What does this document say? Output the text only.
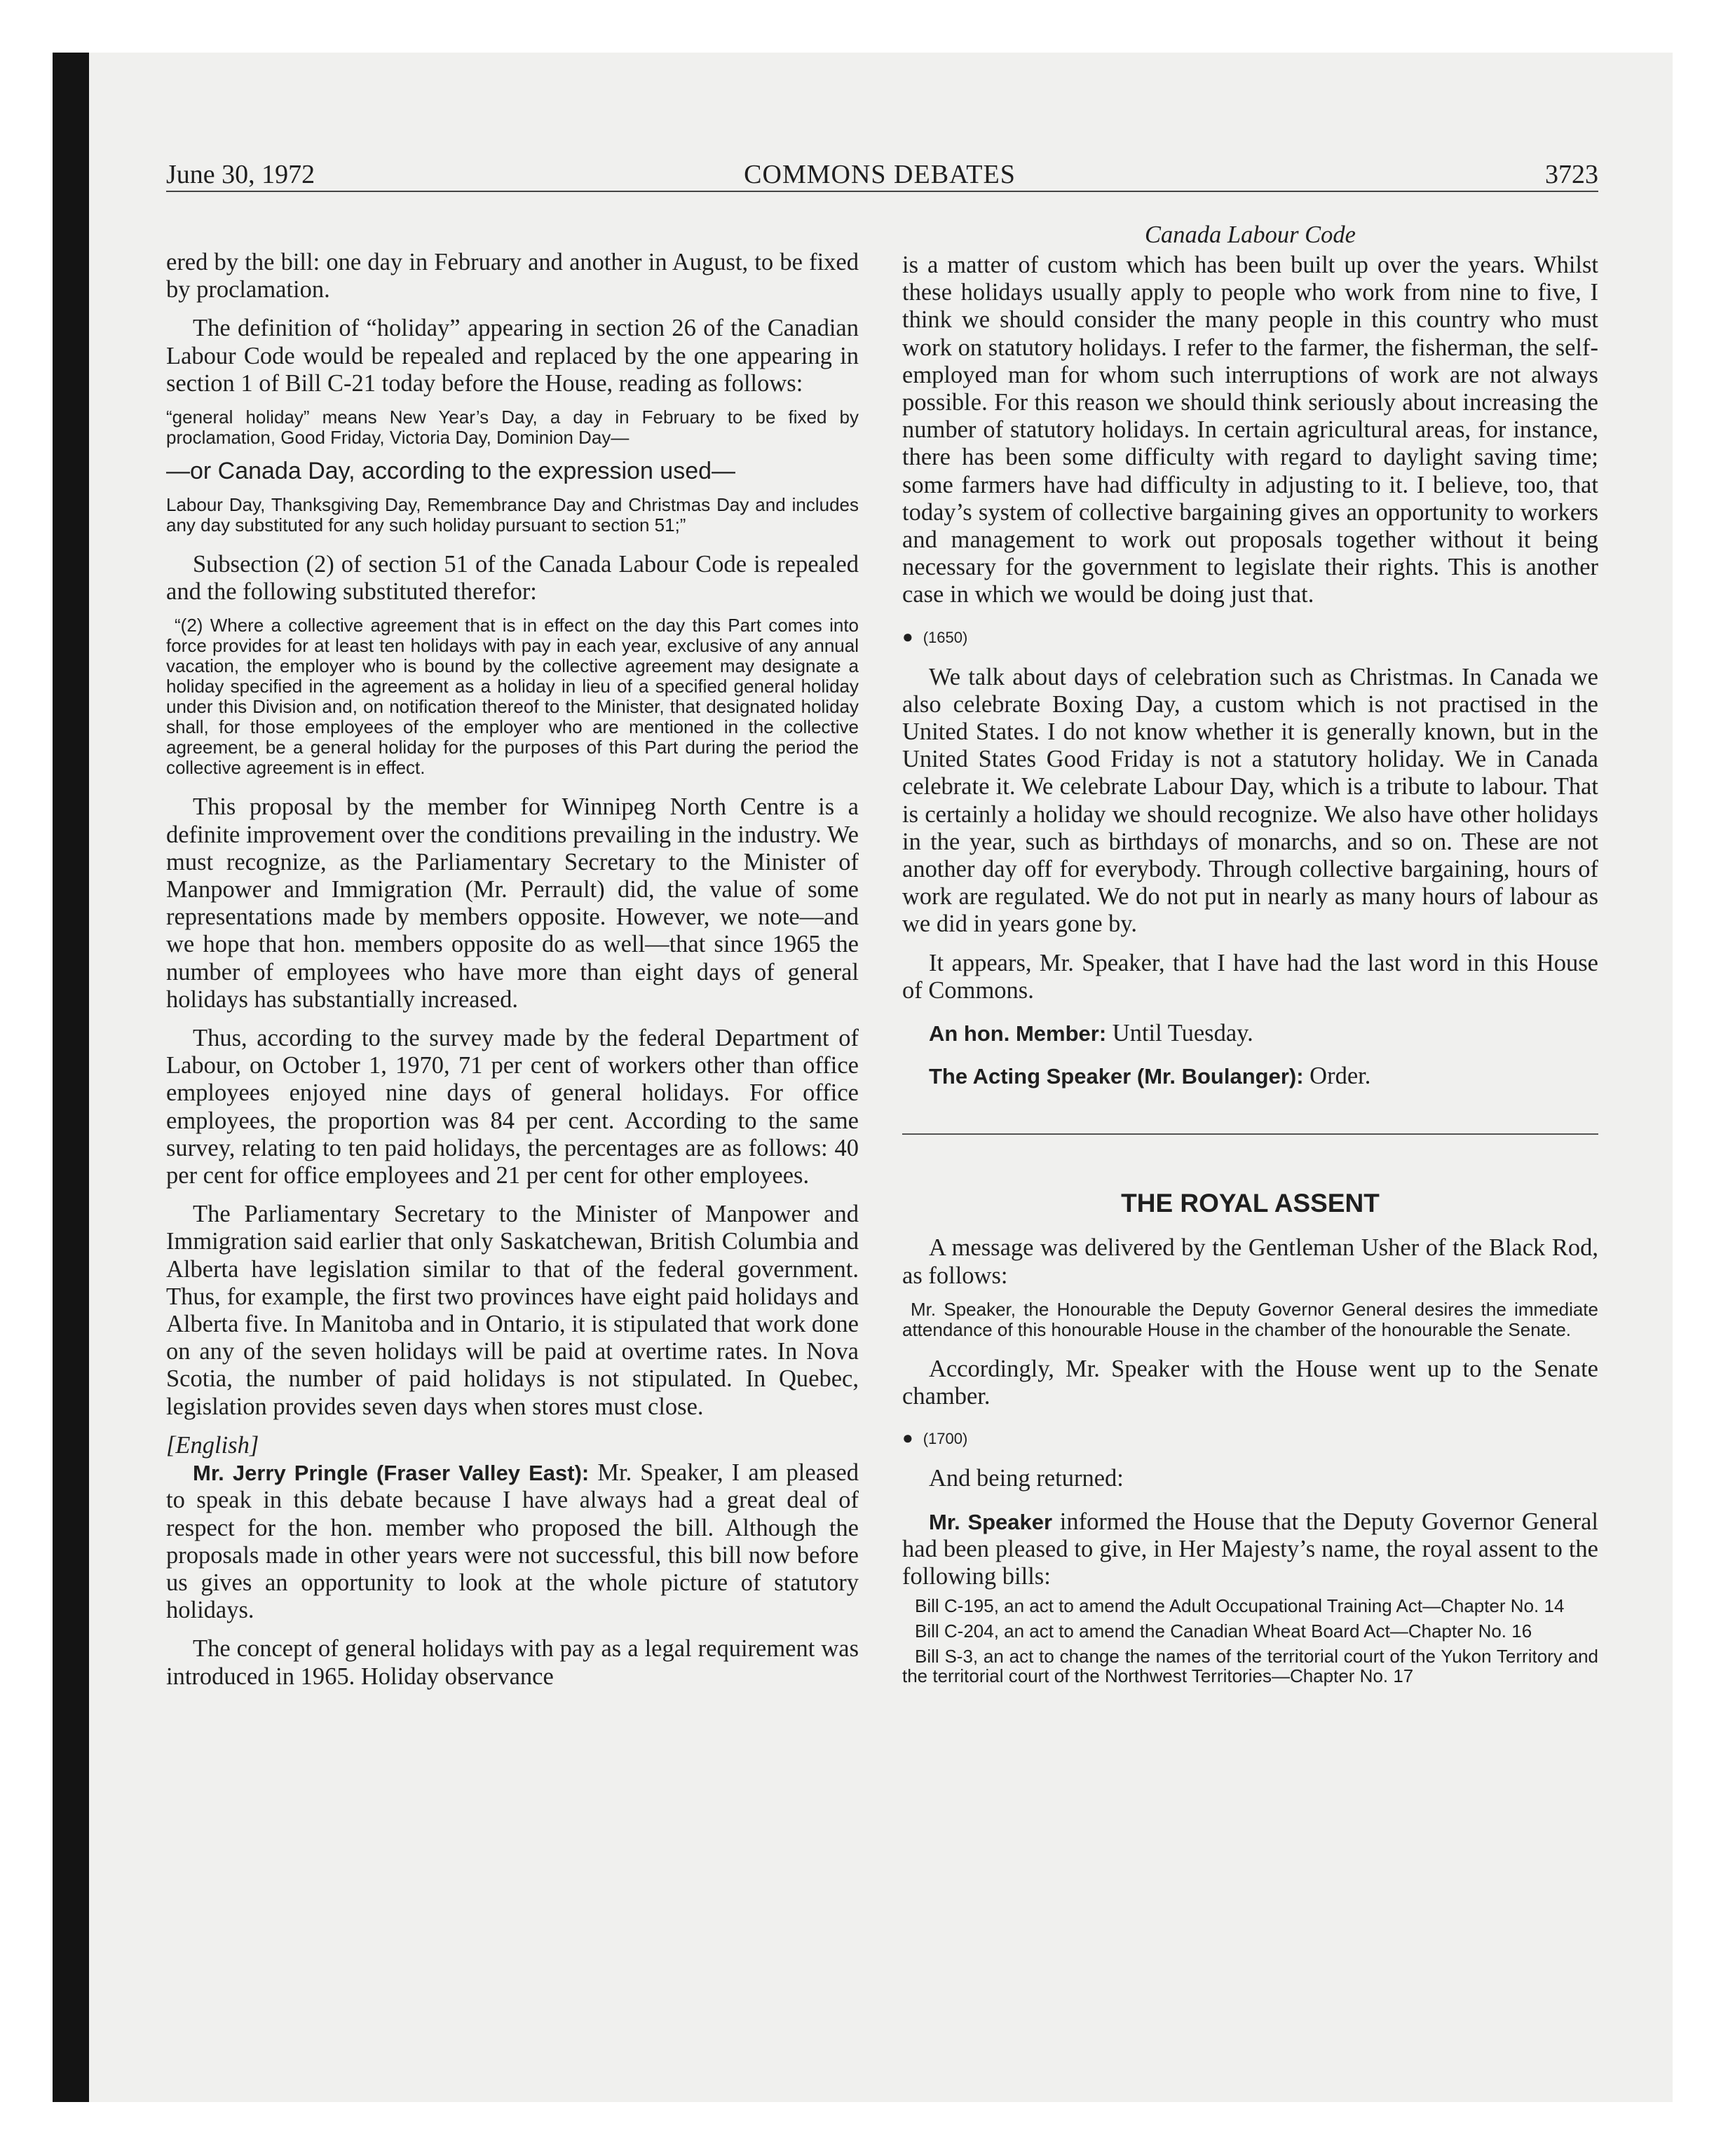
June 30, 1972	COMMONS DEBATES	3723

ered by the bill: one day in February and another in August, to be fixed by proclamation.

The definition of “holiday” appearing in section 26 of the Canadian Labour Code would be repealed and replaced by the one appearing in section 1 of Bill C-21 today before the House, reading as follows:

“general holiday” means New Year’s Day, a day in February to be fixed by proclamation, Good Friday, Victoria Day, Dominion Day—

—or Canada Day, according to the expression used—

Labour Day, Thanksgiving Day, Remembrance Day and Christmas Day and includes any day substituted for any such holiday pursuant to section 51;”

Subsection (2) of section 51 of the Canada Labour Code is repealed and the following substituted therefor:

“(2) Where a collective agreement that is in effect on the day this Part comes into force provides for at least ten holidays with pay in each year, exclusive of any annual vacation, the employer who is bound by the collective agreement may designate a holiday specified in the agreement as a holiday in lieu of a specified general holiday under this Division and, on notification thereof to the Minister, that designated holiday shall, for those employees of the employer who are mentioned in the collective agreement, be a general holiday for the purposes of this Part during the period the collective agreement is in effect.

This proposal by the member for Winnipeg North Centre is a definite improvement over the conditions prevailing in the industry. We must recognize, as the Parliamentary Secretary to the Minister of Manpower and Immigration (Mr. Perrault) did, the value of some representations made by members opposite. However, we note—and we hope that hon. members opposite do as well—that since 1965 the number of employees who have more than eight days of general holidays has substantially increased.

Thus, according to the survey made by the federal Department of Labour, on October 1, 1970, 71 per cent of workers other than office employees enjoyed nine days of general holidays. For office employees, the proportion was 84 per cent. According to the same survey, relating to ten paid holidays, the percentages are as follows: 40 per cent for office employees and 21 per cent for other employees.

The Parliamentary Secretary to the Minister of Manpower and Immigration said earlier that only Saskatchewan, British Columbia and Alberta have legislation similar to that of the federal government. Thus, for example, the first two provinces have eight paid holidays and Alberta five. In Manitoba and in Ontario, it is stipulated that work done on any of the seven holidays will be paid at overtime rates. In Nova Scotia, the number of paid holidays is not stipulated. In Quebec, legislation provides seven days when stores must close.

[English]

Mr. Jerry Pringle (Fraser Valley East): Mr. Speaker, I am pleased to speak in this debate because I have always had a great deal of respect for the hon. member who proposed the bill. Although the proposals made in other years were not successful, this bill now before us gives an opportunity to look at the whole picture of statutory holidays.

The concept of general holidays with pay as a legal requirement was introduced in 1965. Holiday observance

Canada Labour Code

is a matter of custom which has been built up over the years. Whilst these holidays usually apply to people who work from nine to five, I think we should consider the many people in this country who must work on statutory holidays. I refer to the farmer, the fisherman, the self-employed man for whom such interruptions of work are not always possible. For this reason we should think seriously about increasing the number of statutory holidays. In certain agricultural areas, for instance, there has been some difficulty with regard to daylight saving time; some farmers have had difficulty in adjusting to it. I believe, too, that today’s system of collective bargaining gives an opportunity to workers and management to work out proposals together without it being necessary for the government to legislate their rights. This is another case in which we would be doing just that.

● (1650)

We talk about days of celebration such as Christmas. In Canada we also celebrate Boxing Day, a custom which is not practised in the United States. I do not know whether it is generally known, but in the United States Good Friday is not a statutory holiday. We in Canada celebrate it. We celebrate Labour Day, which is a tribute to labour. That is certainly a holiday we should recognize. We also have other holidays in the year, such as birthdays of monarchs, and so on. These are not another day off for everybody. Through collective bargaining, hours of work are regulated. We do not put in nearly as many hours of labour as we did in years gone by.

It appears, Mr. Speaker, that I have had the last word in this House of Commons.

An hon. Member: Until Tuesday.

The Acting Speaker (Mr. Boulanger): Order.

THE ROYAL ASSENT

A message was delivered by the Gentleman Usher of the Black Rod, as follows:

Mr. Speaker, the Honourable the Deputy Governor General desires the immediate attendance of this honourable House in the chamber of the honourable the Senate.

Accordingly, Mr. Speaker with the House went up to the Senate chamber.

● (1700)

And being returned:

Mr. Speaker informed the House that the Deputy Governor General had been pleased to give, in Her Majesty’s name, the royal assent to the following bills:

Bill C-195, an act to amend the Adult Occupational Training Act—Chapter No. 14

Bill C-204, an act to amend the Canadian Wheat Board Act—Chapter No. 16

Bill S-3, an act to change the names of the territorial court of the Yukon Territory and the territorial court of the Northwest Territories—Chapter No. 17
